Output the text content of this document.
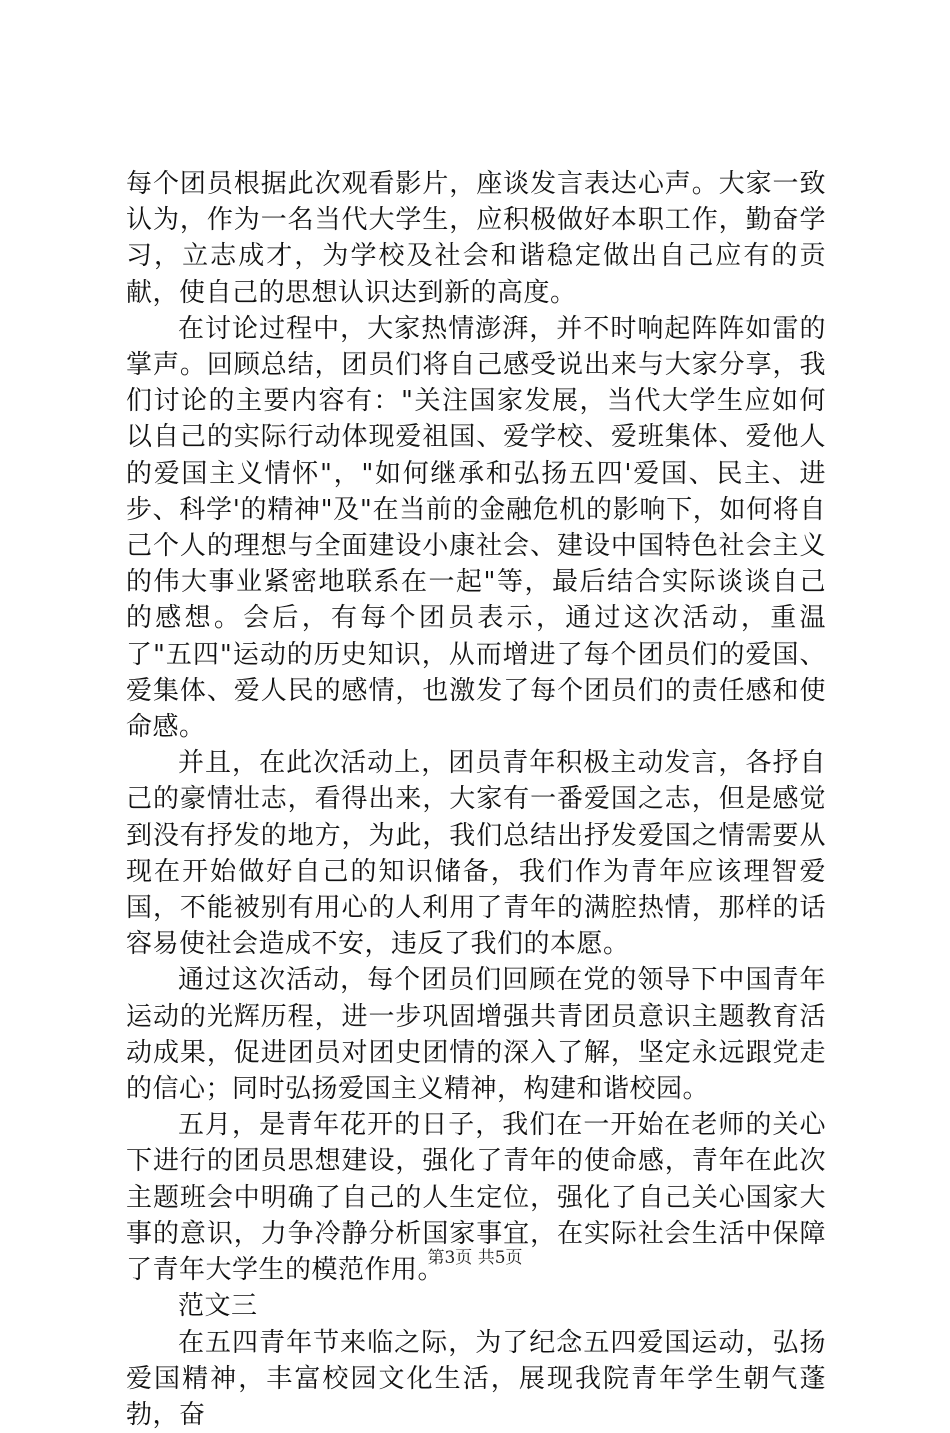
每个团员根据此次观看影片，座谈发言表达心声。大家一致认为，作为一名当代大学生，应积极做好本职工作，勤奋学习，立志成才，为学校及社会和谐稳定做出自己应有的贡献，使自己的思想认识达到新的高度。

在讨论过程中，大家热情澎湃，并不时响起阵阵如雷的掌声。回顾总结，团员们将自己感受说出来与大家分享，我们讨论的主要内容有："关注国家发展，当代大学生应如何以自己的实际行动体现爱祖国、爱学校、爱班集体、爱他人的爱国主义情怀"，"如何继承和弘扬五四'爱国、民主、进步、科学'的精神"及"在当前的金融危机的影响下，如何将自己个人的理想与全面建设小康社会、建设中国特色社会主义的伟大事业紧密地联系在一起"等，最后结合实际谈谈自己的感想。会后，有每个团员表示，通过这次活动，重温了"五四"运动的历史知识，从而增进了每个团员们的爱国、爱集体、爱人民的感情，也激发了每个团员们的责任感和使命感。

并且，在此次活动上，团员青年积极主动发言，各抒自己的豪情壮志，看得出来，大家有一番爱国之志，但是感觉到没有抒发的地方，为此，我们总结出抒发爱国之情需要从现在开始做好自己的知识储备，我们作为青年应该理智爱国，不能被别有用心的人利用了青年的满腔热情，那样的话容易使社会造成不安，违反了我们的本愿。

通过这次活动，每个团员们回顾在党的领导下中国青年运动的光辉历程，进一步巩固增强共青团员意识主题教育活动成果，促进团员对团史团情的深入了解，坚定永远跟党走的信心；同时弘扬爱国主义精神，构建和谐校园。

五月，是青年花开的日子，我们在一开始在老师的关心下进行的团员思想建设，强化了青年的使命感，青年在此次主题班会中明确了自己的人生定位，强化了自己关心国家大事的意识，力争冷静分析国家事宜，在实际社会生活中保障了青年大学生的模范作用。

范文三

在五四青年节来临之际，为了纪念五四爱国运动，弘扬爱国精神，丰富校园文化生活，展现我院青年学生朝气蓬勃，奋

第3页 共5页
